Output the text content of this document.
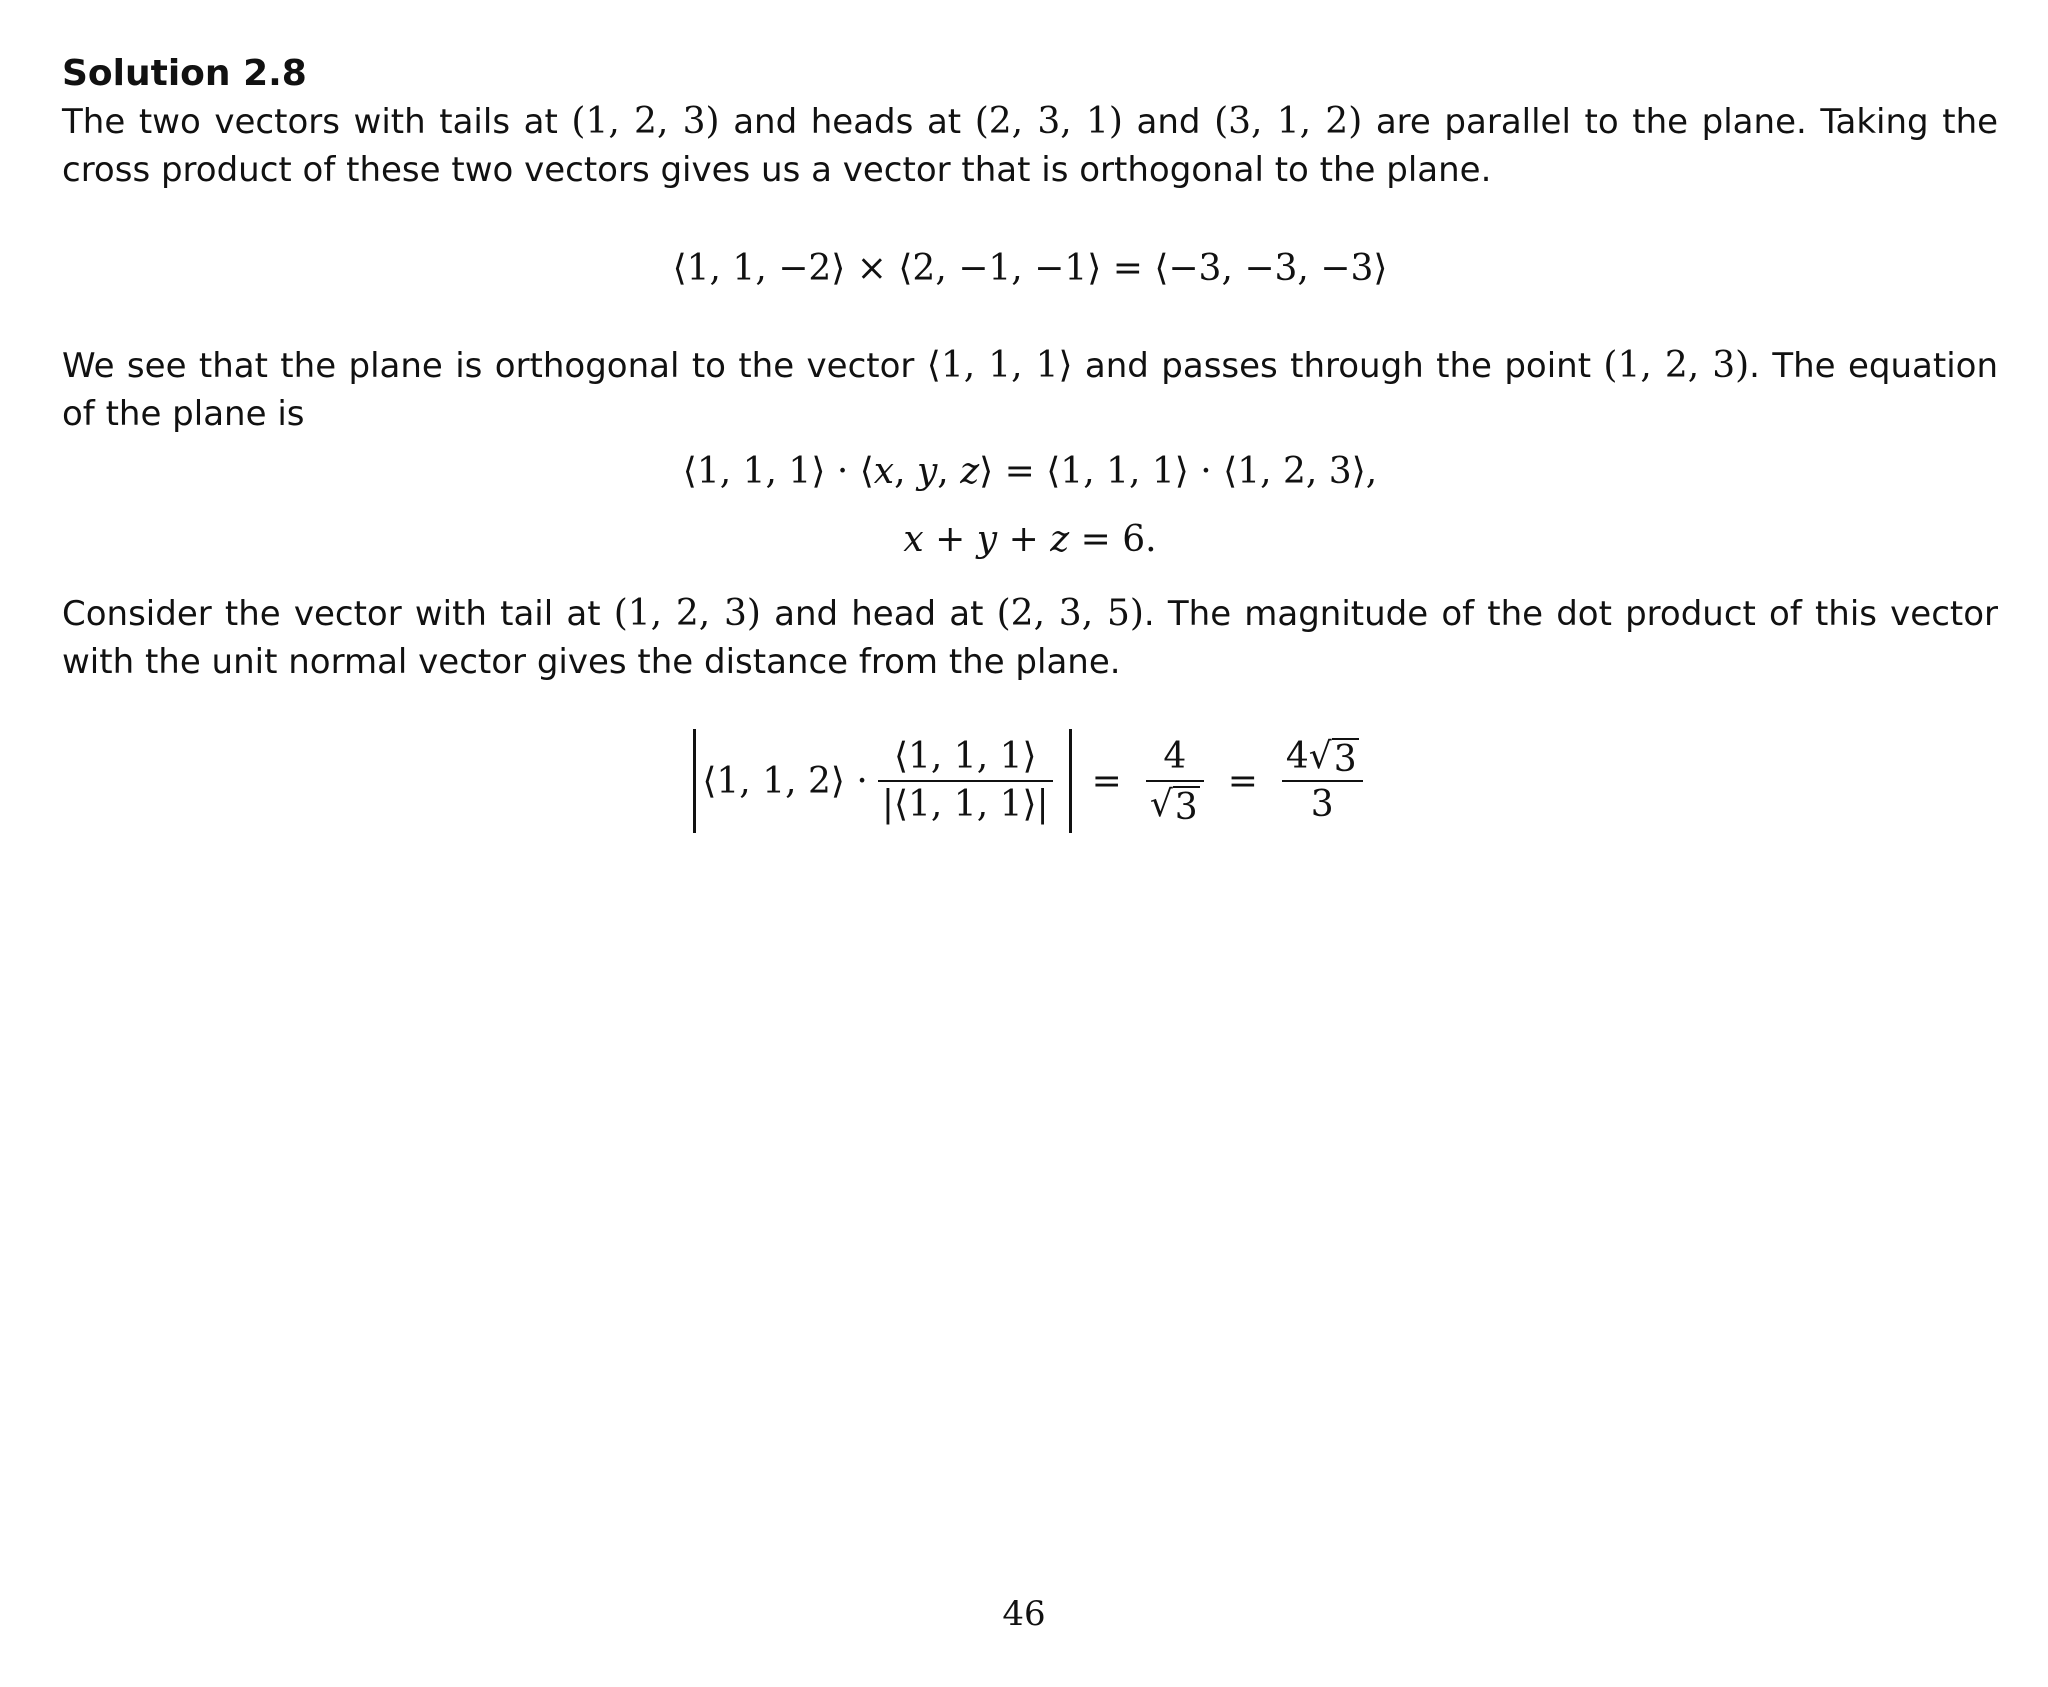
Solution 2.8

The two vectors with tails at (1, 2, 3) and heads at (2, 3, 1) and (3, 1, 2) are parallel to the plane. Taking the cross product of these two vectors gives us a vector that is orthogonal to the plane.

⟨1, 1, −2⟩ × ⟨2, −1, −1⟩ = ⟨−3, −3, −3⟩

We see that the plane is orthogonal to the vector ⟨1, 1, 1⟩ and passes through the point (1, 2, 3). The equation of the plane is

⟨1, 1, 1⟩ · ⟨x, y, z⟩ = ⟨1, 1, 1⟩ · ⟨1, 2, 3⟩,
x + y + z = 6.

Consider the vector with tail at (1, 2, 3) and head at (2, 3, 5). The magnitude of the dot product of this vector with the unit normal vector gives the distance from the plane.

⟨1, 1, 2⟩ · $\frac{⟨1, 1, 1⟩}{|⟨1, 1, 1⟩|} = \frac{4}{√ 3} = \frac{4 √ 3}{3}$
46
